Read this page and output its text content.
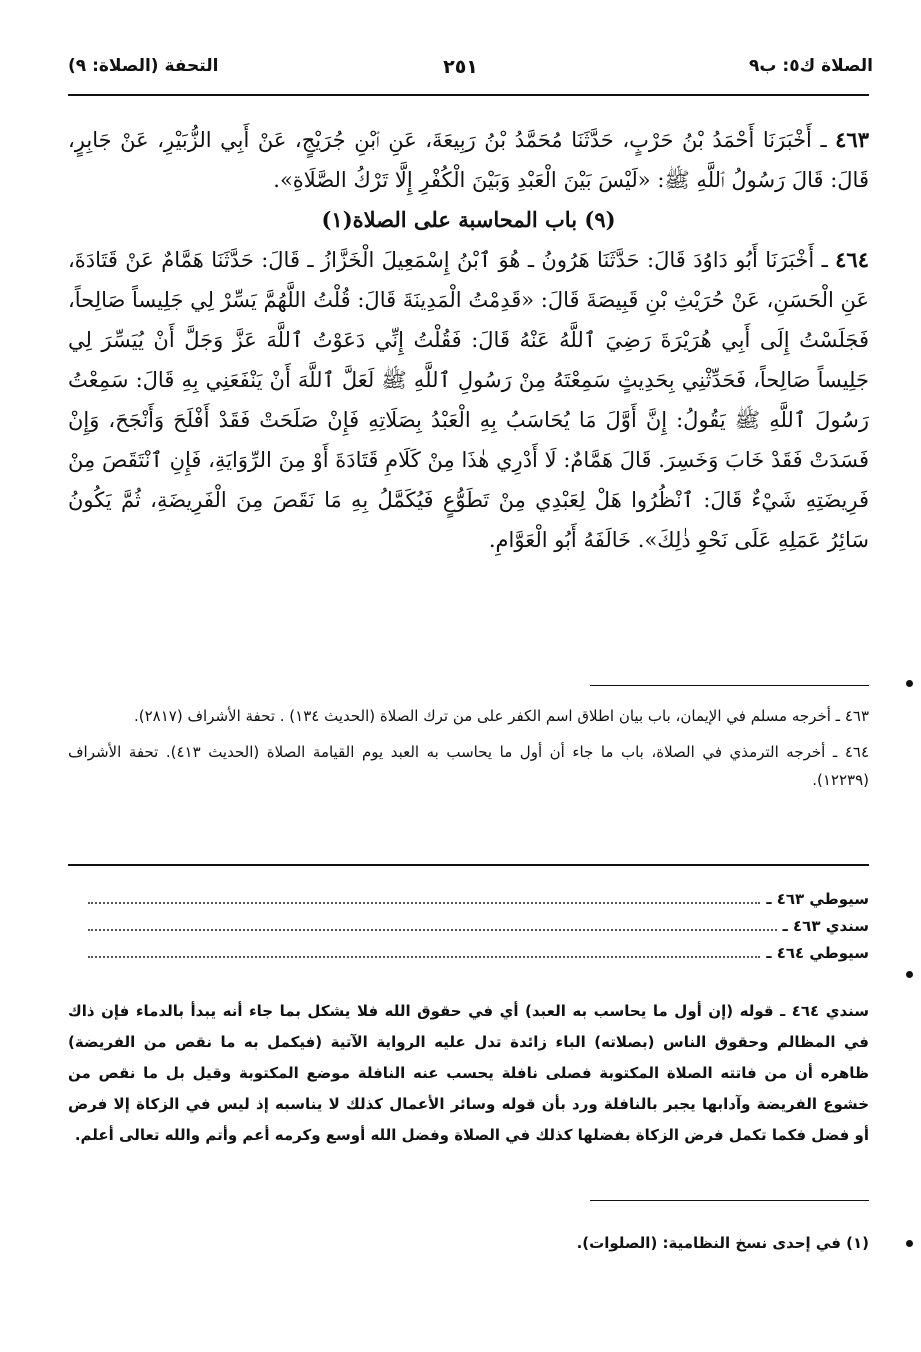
الصلاة ك٥: ب٩
٢٥١
التحفة (الصلاة: ٩)

٤٦٣ ـ أَخْبَرَنَا أَحْمَدُ بْنُ حَرْبٍ، حَدَّثَنَا مُحَمَّدُ بْنُ رَبِيعَةَ، عَنِ ٱبْنِ جُرَيْجٍ، عَنْ أَبِي الزُّبَيْرِ، عَنْ جَابِرٍ، قَالَ: قَالَ رَسُولُ ٱللَّهِ ﷺ: «لَيْسَ بَيْنَ الْعَبْدِ وَبَيْنَ الْكُفْرِ إِلَّا تَرْكُ الصَّلَاةِ».

(٩) باب المحاسبة على الصلاة(١)

٤٦٤ ـ أَخْبَرَنَا أَبُو دَاوُدَ قَالَ: حَدَّثَنَا هَرُونُ ـ هُوَ ٱبْنُ إِسْمَعِيلَ الْخَزَّازُ ـ قَالَ: حَدَّثَنَا هَمَّامٌ عَنْ قَتَادَةَ، عَنِ الْحَسَنِ، عَنْ حُرَيْثِ بْنِ قَبِيصَةَ قَالَ: «قَدِمْتُ الْمَدِينَةَ قَالَ: قُلْتُ اللَّهُمَّ يَسِّرْ لِي جَلِيساً صَالِحاً، فَجَلَسْتُ إِلَى أَبِي هُرَيْرَةَ رَضِيَ ٱللَّهُ عَنْهُ قَالَ: فَقُلْتُ إِنِّي دَعَوْتُ ٱللَّهَ عَزَّ وَجَلَّ أَنْ يُيَسِّرَ لِي جَلِيساً صَالِحاً، فَحَدِّثْنِي بِحَدِيثٍ سَمِعْتَهُ مِنْ رَسُولِ ٱللَّهِ ﷺ لَعَلَّ ٱللَّهَ أَنْ يَنْفَعَنِي بِهِ قَالَ: سَمِعْتُ رَسُولَ ٱللَّهِ ﷺ يَقُولُ: إِنَّ أَوَّلَ مَا يُحَاسَبُ بِهِ الْعَبْدُ بِصَلَاتِهِ فَإِنْ صَلَحَتْ فَقَدْ أَفْلَحَ وَأَنْجَحَ، وَإِنْ فَسَدَتْ فَقَدْ خَابَ وَخَسِرَ. قَالَ هَمَّامٌ: لَا أَدْرِي هٰذَا مِنْ كَلَامِ قَتَادَةَ أَوْ مِنَ الرِّوَايَةِ، فَإِنِ ٱنْتَقَصَ مِنْ فَرِيضَتِهِ شَيْءٌ قَالَ: ٱنْظُرُوا هَلْ لِعَبْدِي مِنْ تَطَوُّعٍ فَيُكَمَّلُ بِهِ مَا نَقَصَ مِنَ الْفَرِيضَةِ، ثُمَّ يَكُونُ سَائِرُ عَمَلِهِ عَلَى نَحْوِ ذٰلِكَ». خَالَفَهُ أَبُو الْعَوَّامِ.

٤٦٣ ـ أخرجه مسلم في الإيمان، باب بيان اطلاق اسم الكفر على من ترك الصلاة (الحديث ١٣٤) . تحفة الأشراف (٢٨١٧).

٤٦٤ ـ أخرجه الترمذي في الصلاة، باب ما جاء أن أول ما يحاسب به العبد يوم القيامة الصلاة (الحديث ٤١٣). تحفة الأشراف (١٢٢٣٩).

سيوطي ٤٦٣ ـ
سندي ٤٦٣ ـ
سيوطي ٤٦٤ ـ
سندي ٤٦٤ ـ قوله (إن أول ما يحاسب به العبد) أي في حقوق الله فلا يشكل بما جاء أنه يبدأ بالدماء فإن ذاك في المظالم وحقوق الناس (بصلاته) الباء زائدة تدل عليه الرواية الآتية (فيكمل به ما نقص من الفريضة) ظاهره أن من فاتته الصلاة المكتوبة فصلى نافلة يحسب عنه النافلة موضع المكتوبة وقيل بل ما نقص من خشوع الفريضة وآدابها يجبر بالنافلة ورد بأن قوله وسائر الأعمال كذلك لا يناسبه إذ ليس في الزكاة إلا فرض أو فضل فكما تكمل فرض الزكاة بفضلها كذلك في الصلاة وفضل الله أوسع وكرمه أعم وأتم والله تعالى أعلم.
(١) في إحدى نسخ النظامية: (الصلوات).
